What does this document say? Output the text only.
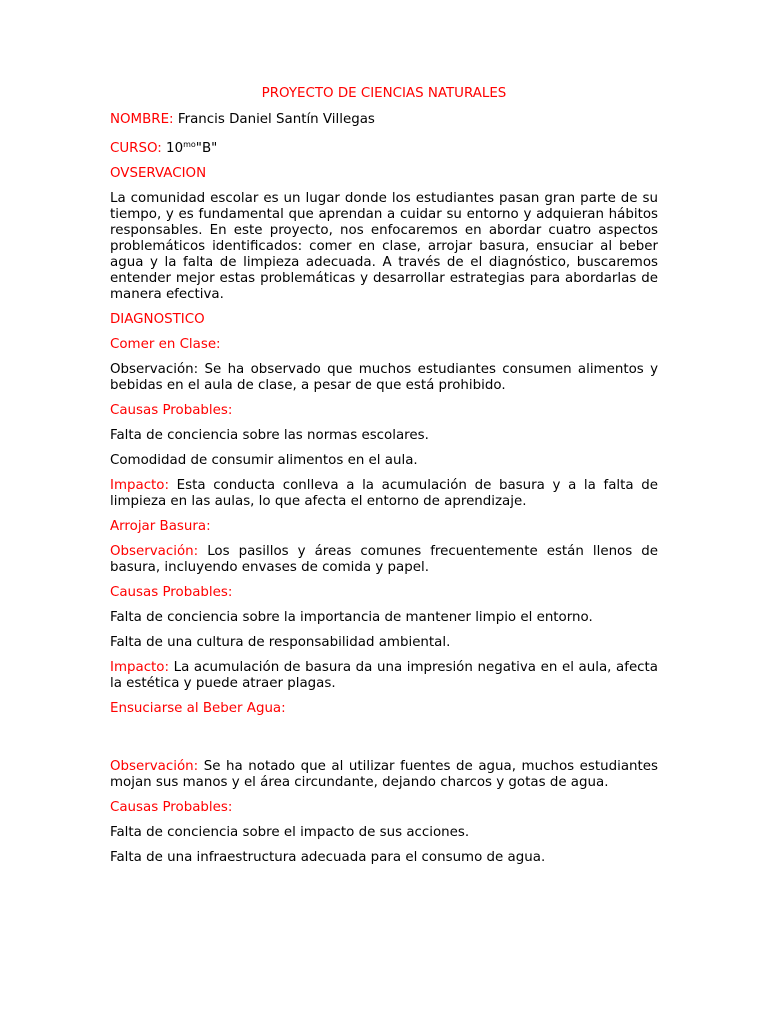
PROYECTO DE CIENCIAS NATURALES

NOMBRE: Francis Daniel Santín Villegas

CURSO: $10^{mo}"B$"

OVSERVACION

La comunidad escolar es un lugar donde los estudiantes pasan gran parte de su tiempo, y es fundamental que aprendan a cuidar su entorno y adquieran hábitos responsables. En este proyecto, nos enfocaremos en abordar cuatro aspectos problemáticos identificados: comer en clase, arrojar basura, ensuciar al beber agua y la falta de limpieza adecuada. A través de el diagnóstico, buscaremos entender mejor estas problemáticas y desarrollar estrategias para abordarlas de manera efectiva.

DIAGNOSTICO

Comer en Clase:

Observación: Se ha observado que muchos estudiantes consumen alimentos y bebidas en el aula de clase, a pesar de que está prohibido.

Causas Probables:

Falta de conciencia sobre las normas escolares.

Comodidad de consumir alimentos en el aula.

Impacto: Esta conducta conlleva a la acumulación de basura y a la falta de limpieza en las aulas, lo que afecta el entorno de aprendizaje.

Arrojar Basura:

Observación: Los pasillos y áreas comunes frecuentemente están llenos de basura, incluyendo envases de comida y papel.

Causas Probables:

Falta de conciencia sobre la importancia de mantener limpio el entorno.

Falta de una cultura de responsabilidad ambiental.

Impacto: La acumulación de basura da una impresión negativa en el aula, afecta la estética y puede atraer plagas.

Ensuciarse al Beber Agua:

Observación: Se ha notado que al utilizar fuentes de agua, muchos estudiantes mojan sus manos y el área circundante, dejando charcos y gotas de agua.

Causas Probables:

Falta de conciencia sobre el impacto de sus acciones.

Falta de una infraestructura adecuada para el consumo de agua.
